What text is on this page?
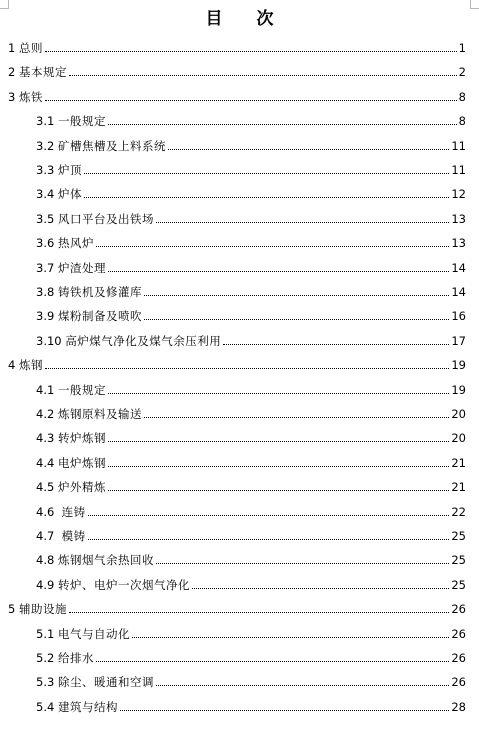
目 次
1 总则	1
2 基本规定	2
3 炼铁	8
3.1 一般规定	8
3.2 矿槽焦槽及上料系统	11
3.3 炉顶	11
3.4 炉体	12
3.5 风口平台及出铁场	13
3.6 热风炉	13
3.7 炉渣处理	14
3.8 铸铁机及修灌库	14
3.9 煤粉制备及喷吹	16
3.10 高炉煤气净化及煤气余压利用	17
4 炼钢	19
4.1 一般规定	19
4.2 炼钢原料及输送	20
4.3 转炉炼钢	20
4.4 电炉炼钢	21
4.5 炉外精炼	21
4.6 连铸	22
4.7 模铸	25
4.8 炼钢烟气余热回收	25
4.9 转炉、电炉一次烟气净化	25
5 辅助设施	26
5.1 电气与自动化	26
5.2 给排水	26
5.3 除尘、暖通和空调	26
5.4 建筑与结构	28
